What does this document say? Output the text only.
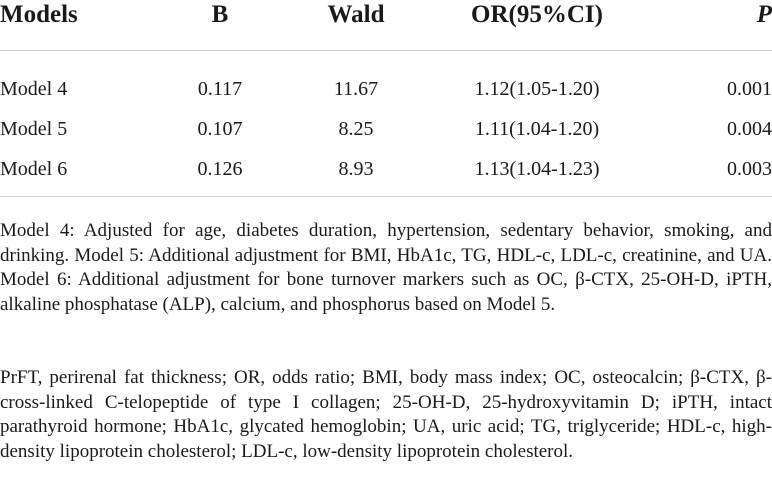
Models	B	Wald	OR(95%CI)	P
Model 4	0.117	11.67	1.12(1.05-1.20)	0.001
Model 5	0.107	8.25	1.11(1.04-1.20)	0.004
Model 6	0.126	8.93	1.13(1.04-1.23)	0.003

Model 4: Adjusted for age, diabetes duration, hypertension, sedentary behavior, smoking, and drinking. Model 5: Additional adjustment for BMI, HbA1c, TG, HDL-c, LDL-c, creatinine, and UA. Model 6: Additional adjustment for bone turnover markers such as OC, β-CTX, 25-OH-D, iPTH, alkaline phosphatase (ALP), calcium, and phosphorus based on Model 5.

PrFT, perirenal fat thickness; OR, odds ratio; BMI, body mass index; OC, osteocalcin; β-CTX, β-cross-linked C-telopeptide of type I collagen; 25-OH-D, 25-hydroxyvitamin D; iPTH, intact parathyroid hormone; HbA1c, glycated hemoglobin; UA, uric acid; TG, triglyceride; HDL-c, high-density lipoprotein cholesterol; LDL-c, low-density lipoprotein cholesterol.
